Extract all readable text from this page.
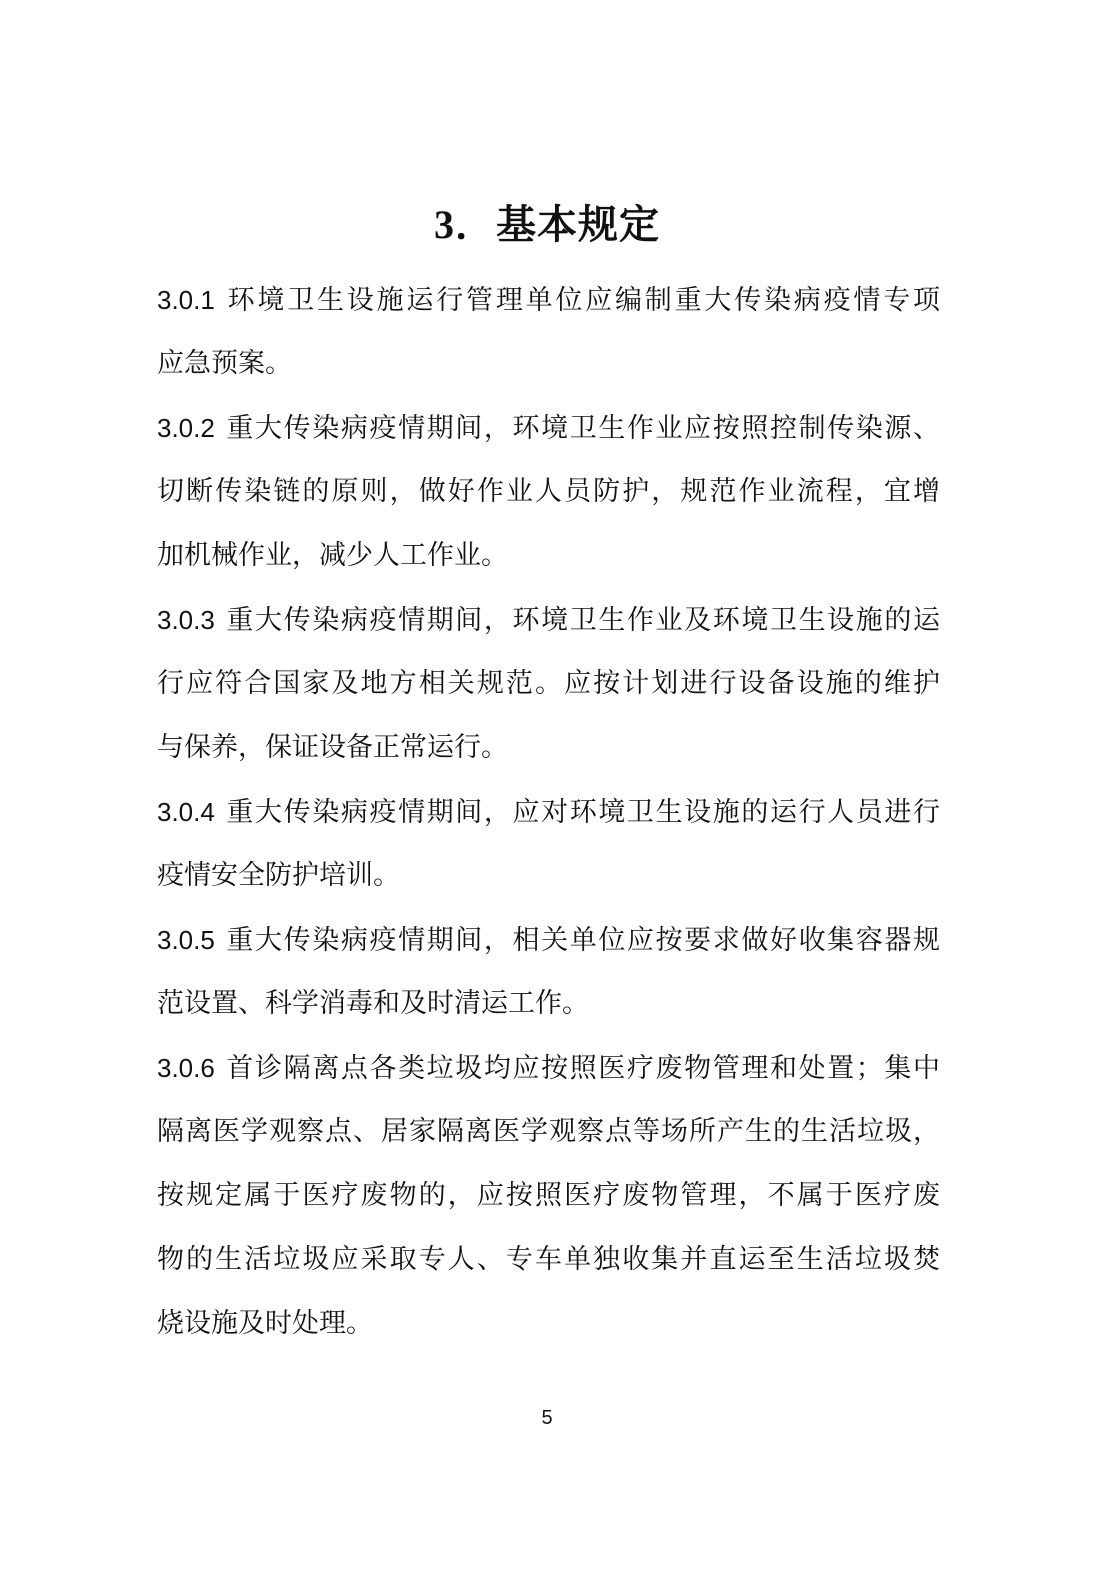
3．基本规定
3.0.1 环境卫生设施运行管理单位应编制重大传染病疫情专项
应急预案。
3.0.2 重大传染病疫情期间，环境卫生作业应按照控制传染源、
切断传染链的原则，做好作业人员防护，规范作业流程，宜增
加机械作业，减少人工作业。
3.0.3 重大传染病疫情期间，环境卫生作业及环境卫生设施的运
行应符合国家及地方相关规范。应按计划进行设备设施的维护
与保养，保证设备正常运行。
3.0.4 重大传染病疫情期间，应对环境卫生设施的运行人员进行
疫情安全防护培训。
3.0.5 重大传染病疫情期间，相关单位应按要求做好收集容器规
范设置、科学消毒和及时清运工作。
3.0.6 首诊隔离点各类垃圾均应按照医疗废物管理和处置；集中
隔离医学观察点、居家隔离医学观察点等场所产生的生活垃圾，
按规定属于医疗废物的，应按照医疗废物管理，不属于医疗废
物的生活垃圾应采取专人、专车单独收集并直运至生活垃圾焚
烧设施及时处理。
5
